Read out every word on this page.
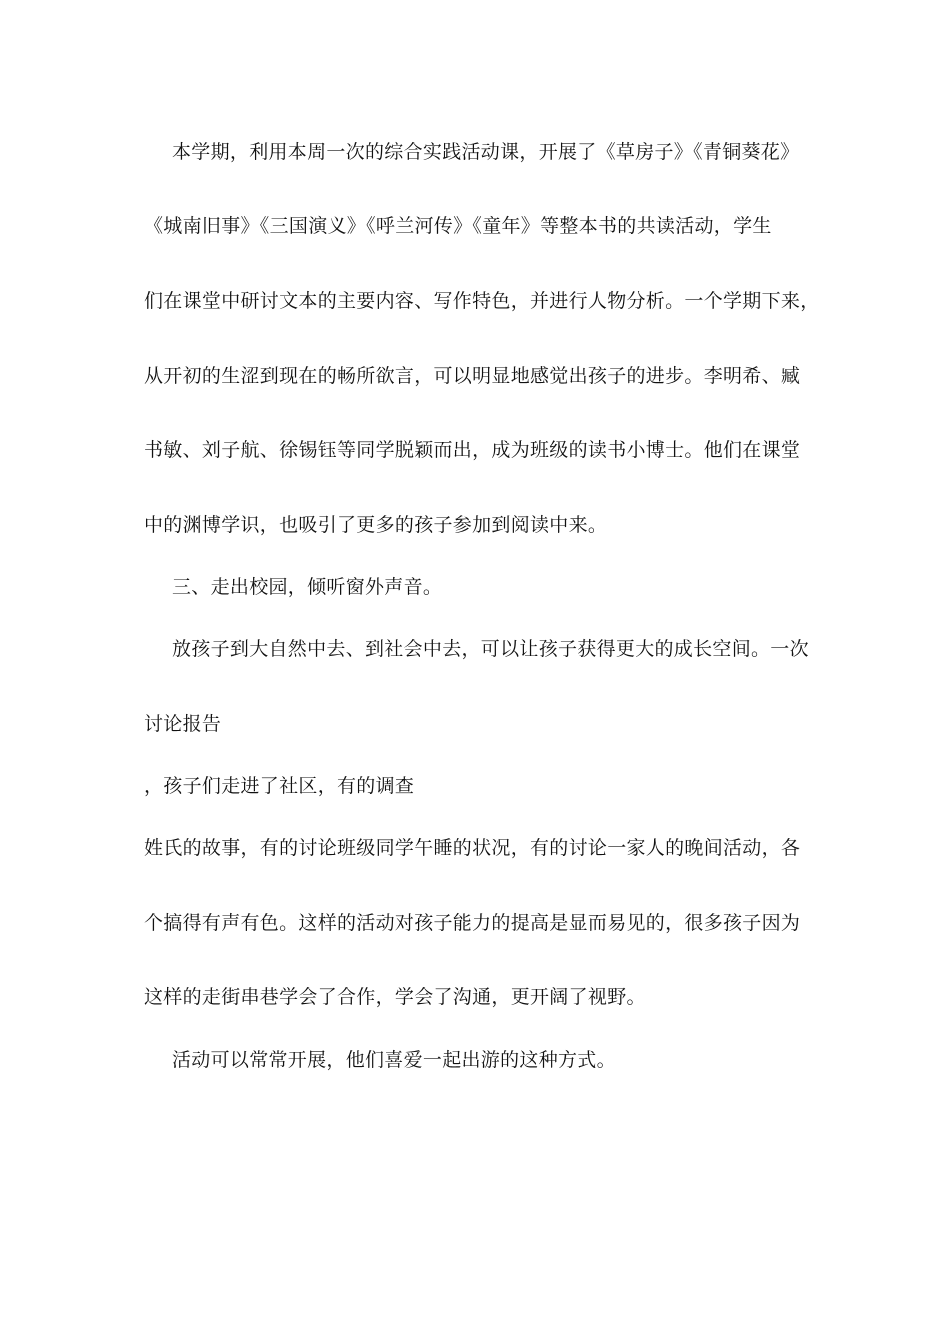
本学期，利用本周一次的综合实践活动课，开展了《草房子》《青铜葵花》
《城南旧事》《三国演义》《呼兰河传》《童年》等整本书的共读活动，学生
们在课堂中研讨文本的主要内容、写作特色，并进行人物分析。一个学期下来，
从开初的生涩到现在的畅所欲言，可以明显地感觉出孩子的进步。李明希、臧
书敏、刘子航、徐锡钰等同学脱颖而出，成为班级的读书小博士。他们在课堂
中的渊博学识，也吸引了更多的孩子参加到阅读中来。
三、走出校园，倾听窗外声音。
放孩子到大自然中去、到社会中去，可以让孩子获得更大的成长空间。一次
讨论报告
，孩子们走进了社区，有的调查
姓氏的故事，有的讨论班级同学午睡的状况，有的讨论一家人的晚间活动，各
个搞得有声有色。这样的活动对孩子能力的提高是显而易见的，很多孩子因为
这样的走街串巷学会了合作，学会了沟通，更开阔了视野。
活动可以常常开展，他们喜爱一起出游的这种方式。
